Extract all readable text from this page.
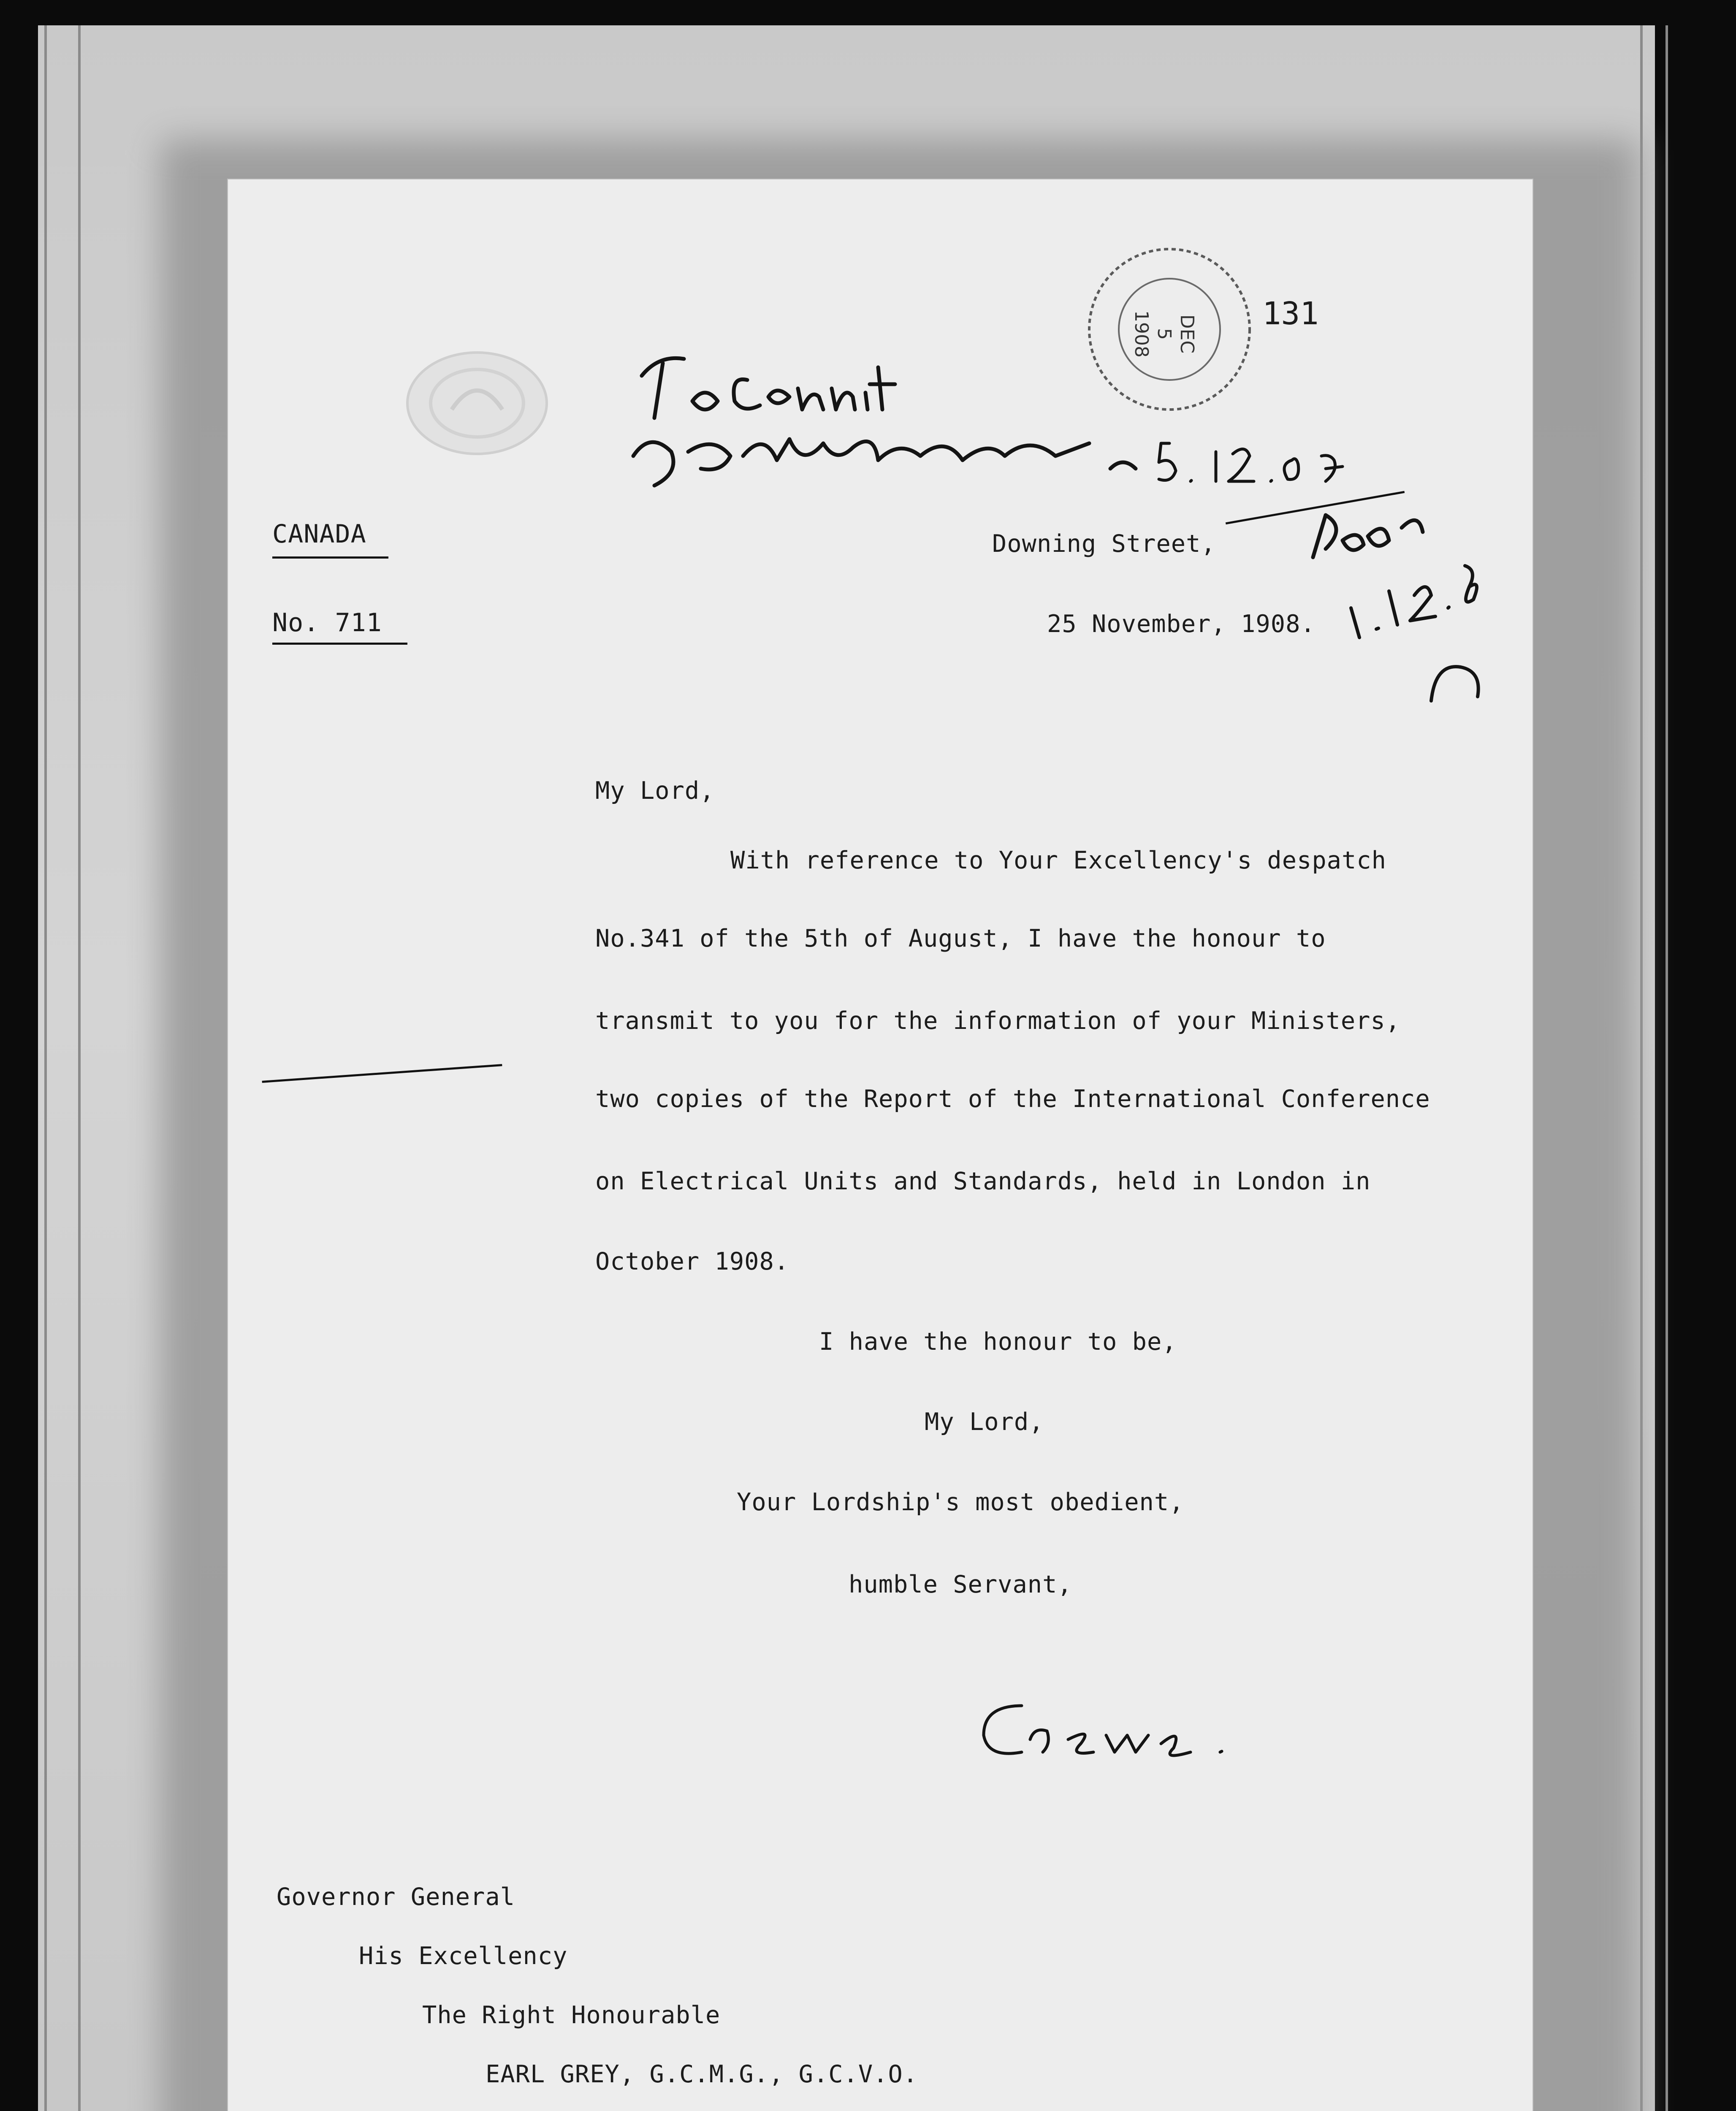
DEC
5
1908	131
CANADA
No. 711
Downing Street,
25 November, 1908.
My Lord,
With reference to Your Excellency's despatch
No.341 of the 5th of August, I have the honour to
transmit to you for the information of your Ministers,
two copies of the Report of the International Conference
on Electrical Units and Standards, held in London in
October 1908.
I have the honour to be,
My Lord,
Your Lordship's most obedient,
humble Servant,
Governor General
His Excellency
The Right Honourable
EARL GREY, G.C.M.G., G.C.V.O.
